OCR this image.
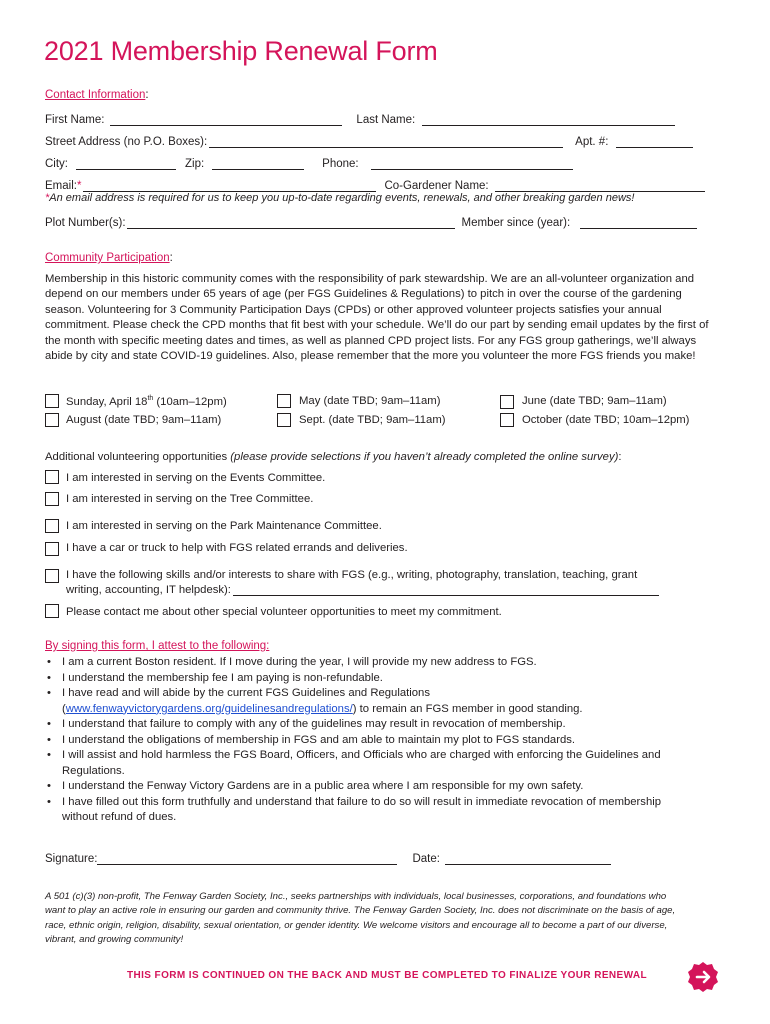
2021 Membership Renewal Form
Contact Information:
First Name:	Last Name:
Street Address (no P.O. Boxes):	Apt. #:
City:	Zip:	Phone:
Email:*	Co-Gardener Name:
*An email address is required for us to keep you up-to-date regarding events, renewals, and other breaking garden news!
Plot Number(s):	Member since (year):
Community Participation:

Membership in this historic community comes with the responsibility of park stewardship. We are an all-volunteer organization and depend on our members under 65 years of age (per FGS Guidelines & Regulations) to pitch in over the course of the gardening season. Volunteering for 3 Community Participation Days (CPDs) or other approved volunteer projects satisfies your annual commitment. Please check the CPD months that fit best with your schedule. We’ll do our part by sending email updates by the first of the month with specific meeting dates and times, as well as planned CPD project lists. For any FGS group gatherings, we’ll always abide by city and state COVID-19 guidelines. Also, please remember that the more you volunteer the more FGS friends you make!

Sunday, April 18th (10am–12pm)	May (date TBD; 9am–11am)	June (date TBD; 9am–11am)
August (date TBD; 9am–11am)	Sept. (date TBD; 9am–11am)	October (date TBD; 10am–12pm)
Additional volunteering opportunities (please provide selections if you haven’t already completed the online survey):
I am interested in serving on the Events Committee.
I am interested in serving on the Tree Committee.
I am interested in serving on the Park Maintenance Committee.
I have a car or truck to help with FGS related errands and deliveries.
I have the following skills and/or interests to share with FGS (e.g., writing, photography, translation, teaching, grant
writing, accounting, IT helpdesk):
Please contact me about other special volunteer opportunities to meet my commitment.
By signing this form, I attest to the following:
• I am a current Boston resident. If I move during the year, I will provide my new address to FGS.
• I understand the membership fee I am paying is non-refundable.
• I have read and will abide by the current FGS Guidelines and Regulations
(www.fenwayvictorygardens.org/guidelinesandregulations/) to remain an FGS member in good standing.
• I understand that failure to comply with any of the guidelines may result in revocation of membership.
• I understand the obligations of membership in FGS and am able to maintain my plot to FGS standards.
• I will assist and hold harmless the FGS Board, Officers, and Officials who are charged with enforcing the Guidelines and Regulations.
• I understand the Fenway Victory Gardens are in a public area where I am responsible for my own safety.
• I have filled out this form truthfully and understand that failure to do so will result in immediate revocation of membership without refund of dues.
Signature:	Date:

A 501 (c)(3) non-profit, The Fenway Garden Society, Inc., seeks partnerships with individuals, local businesses, corporations, and foundations who want to play an active role in ensuring our garden and community thrive. The Fenway Garden Society, Inc. does not discriminate on the basis of age, race, ethnic origin, religion, disability, sexual orientation, or gender identity. We welcome visitors and encourage all to become a part of our diverse, vibrant, and growing community!

THIS FORM IS CONTINUED ON THE BACK AND MUST BE COMPLETED TO FINALIZE YOUR RENEWAL
